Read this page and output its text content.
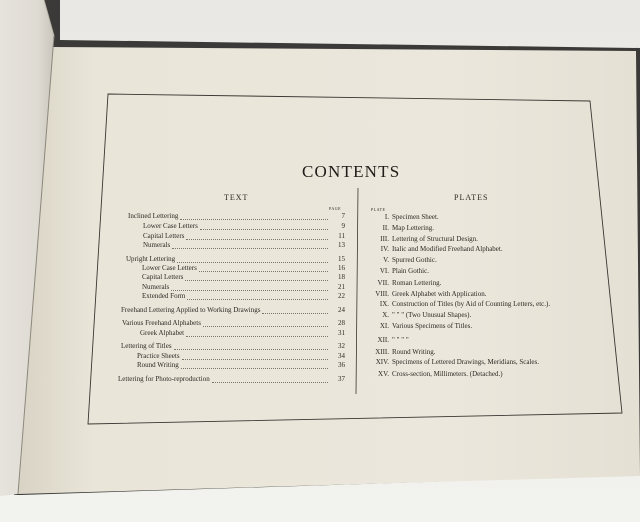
CONTENTS
TEXT	PLATES
PAGE	PLATE
Inclined Lettering	7
Lower Case Letters	9
Capital Letters	11
Numerals	13
Upright Lettering	15
Lower Case Letters	16
Capital Letters	18
Numerals	21
Extended Form	22
Freehand Lettering Applied to Working Drawings	24
Various Freehand Alphabets	28
Greek Alphabet	31
Lettering of Titles	32
Practice Sheets	34
Round Writing	36
Lettering for Photo-reproduction	37
I. Specimen Sheet.
II. Map Lettering.
III. Lettering of Structural Design.
IV. Italic and Modified Freehand Alphabet.
V. Spurred Gothic.
VI. Plain Gothic.
VII. Roman Lettering.
VIII. Greek Alphabet with Application.
IX. Construction of Titles (by Aid of Counting Letters, etc.).
X. " " " (Two Unusual Shapes).
XI. Various Specimens of Titles.
XII. " " " "
XIII. Round Writing.
XIV. Specimens of Lettered Drawings, Meridians, Scales.
XV. Cross-section, Millimeters. (Detached.)
